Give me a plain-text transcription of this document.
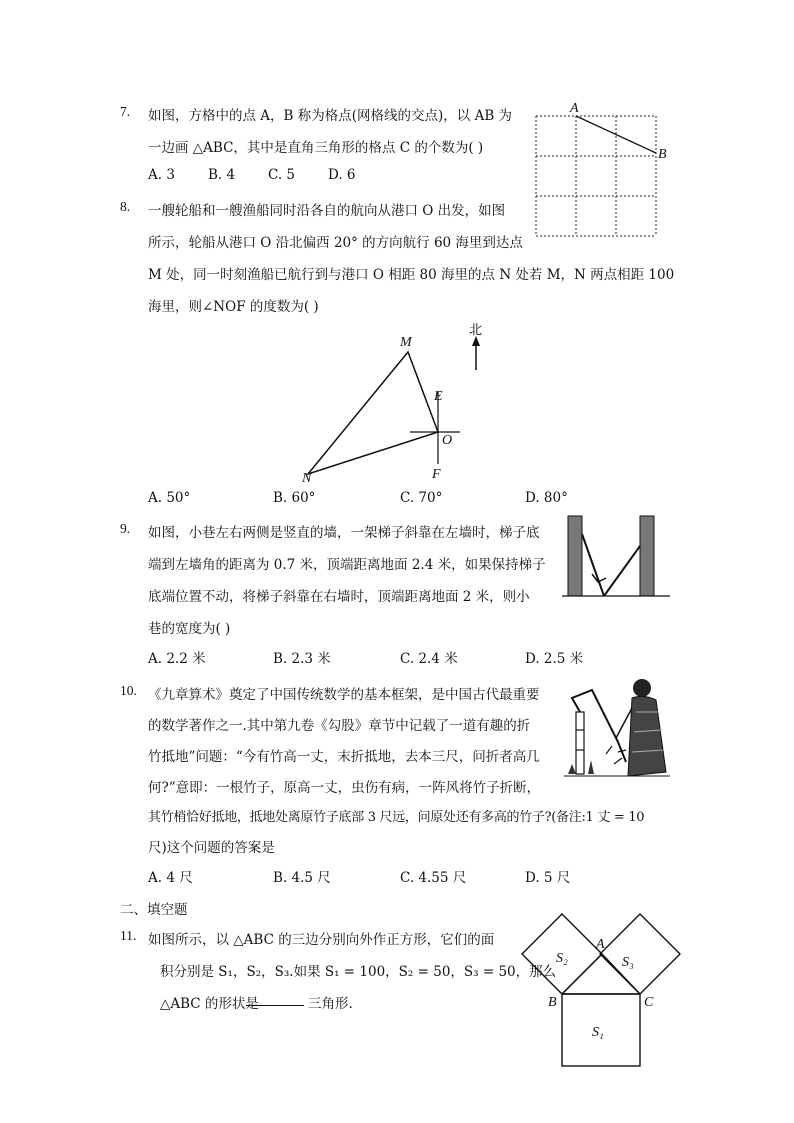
7. 如图，方格中的点 A，B 称为格点(网格线的交点)，以 AB 为
一边画 △ABC，其中是直角三角形的格点 C 的个数为( )
A. 3 B. 4 C. 5 D. 6
A
B
8. 一艘轮船和一艘渔船同时沿各自的航向从港口 O 出发，如图
所示，轮船从港口 O 沿北偏西 20° 的方向航行 60 海里到达点
M 处，同一时刻渔船已航行到与港口 O 相距 80 海里的点 N 处若 M，N 两点相距 100
海里，则∠NOF 的度数为( )
M
N
O
E
F
北
A. 50°	B. 60°	C. 70°	D. 80°
9. 如图，小巷左右两侧是竖直的墙，一架梯子斜靠在左墙时，梯子底
端到左墙角的距离为 0.7 米，顶端距离地面 2.4 米，如果保持梯子
底端位置不动，将梯子斜靠在右墙时，顶端距离地面 2 米，则小
巷的宽度为( )
A. 2.2 米	B. 2.3 米	C. 2.4 米	D. 2.5 米
10. 《九章算术》奠定了中国传统数学的基本框架，是中国古代最重要
的数学著作之一.其中第九卷《勾股》章节中记载了一道有趣的折
竹抵地”问题：“今有竹高一丈，末折抵地，去本三尺，问折者高几
何?”意即：一根竹子，原高一丈，虫伤有病，一阵风将竹子折断，
其竹梢恰好抵地，抵地处离原竹子底部 3 尺远，问原处还有多高的竹子?(备注:1 丈 = 10
尺)这个问题的答案是
A. 4 尺	B. 4.5 尺	C. 4.55 尺	D. 5 尺
二、填空题
11. 如图所示，以 △ABC 的三边分别向外作正方形，它们的面
积分别是 S₁，S₂，S₃.如果 S₁ = 100，S₂ = 50，S₃ = 50，那么
△ABC 的形状是	三角形.
A
B	C
S₂	S₃
S₁
